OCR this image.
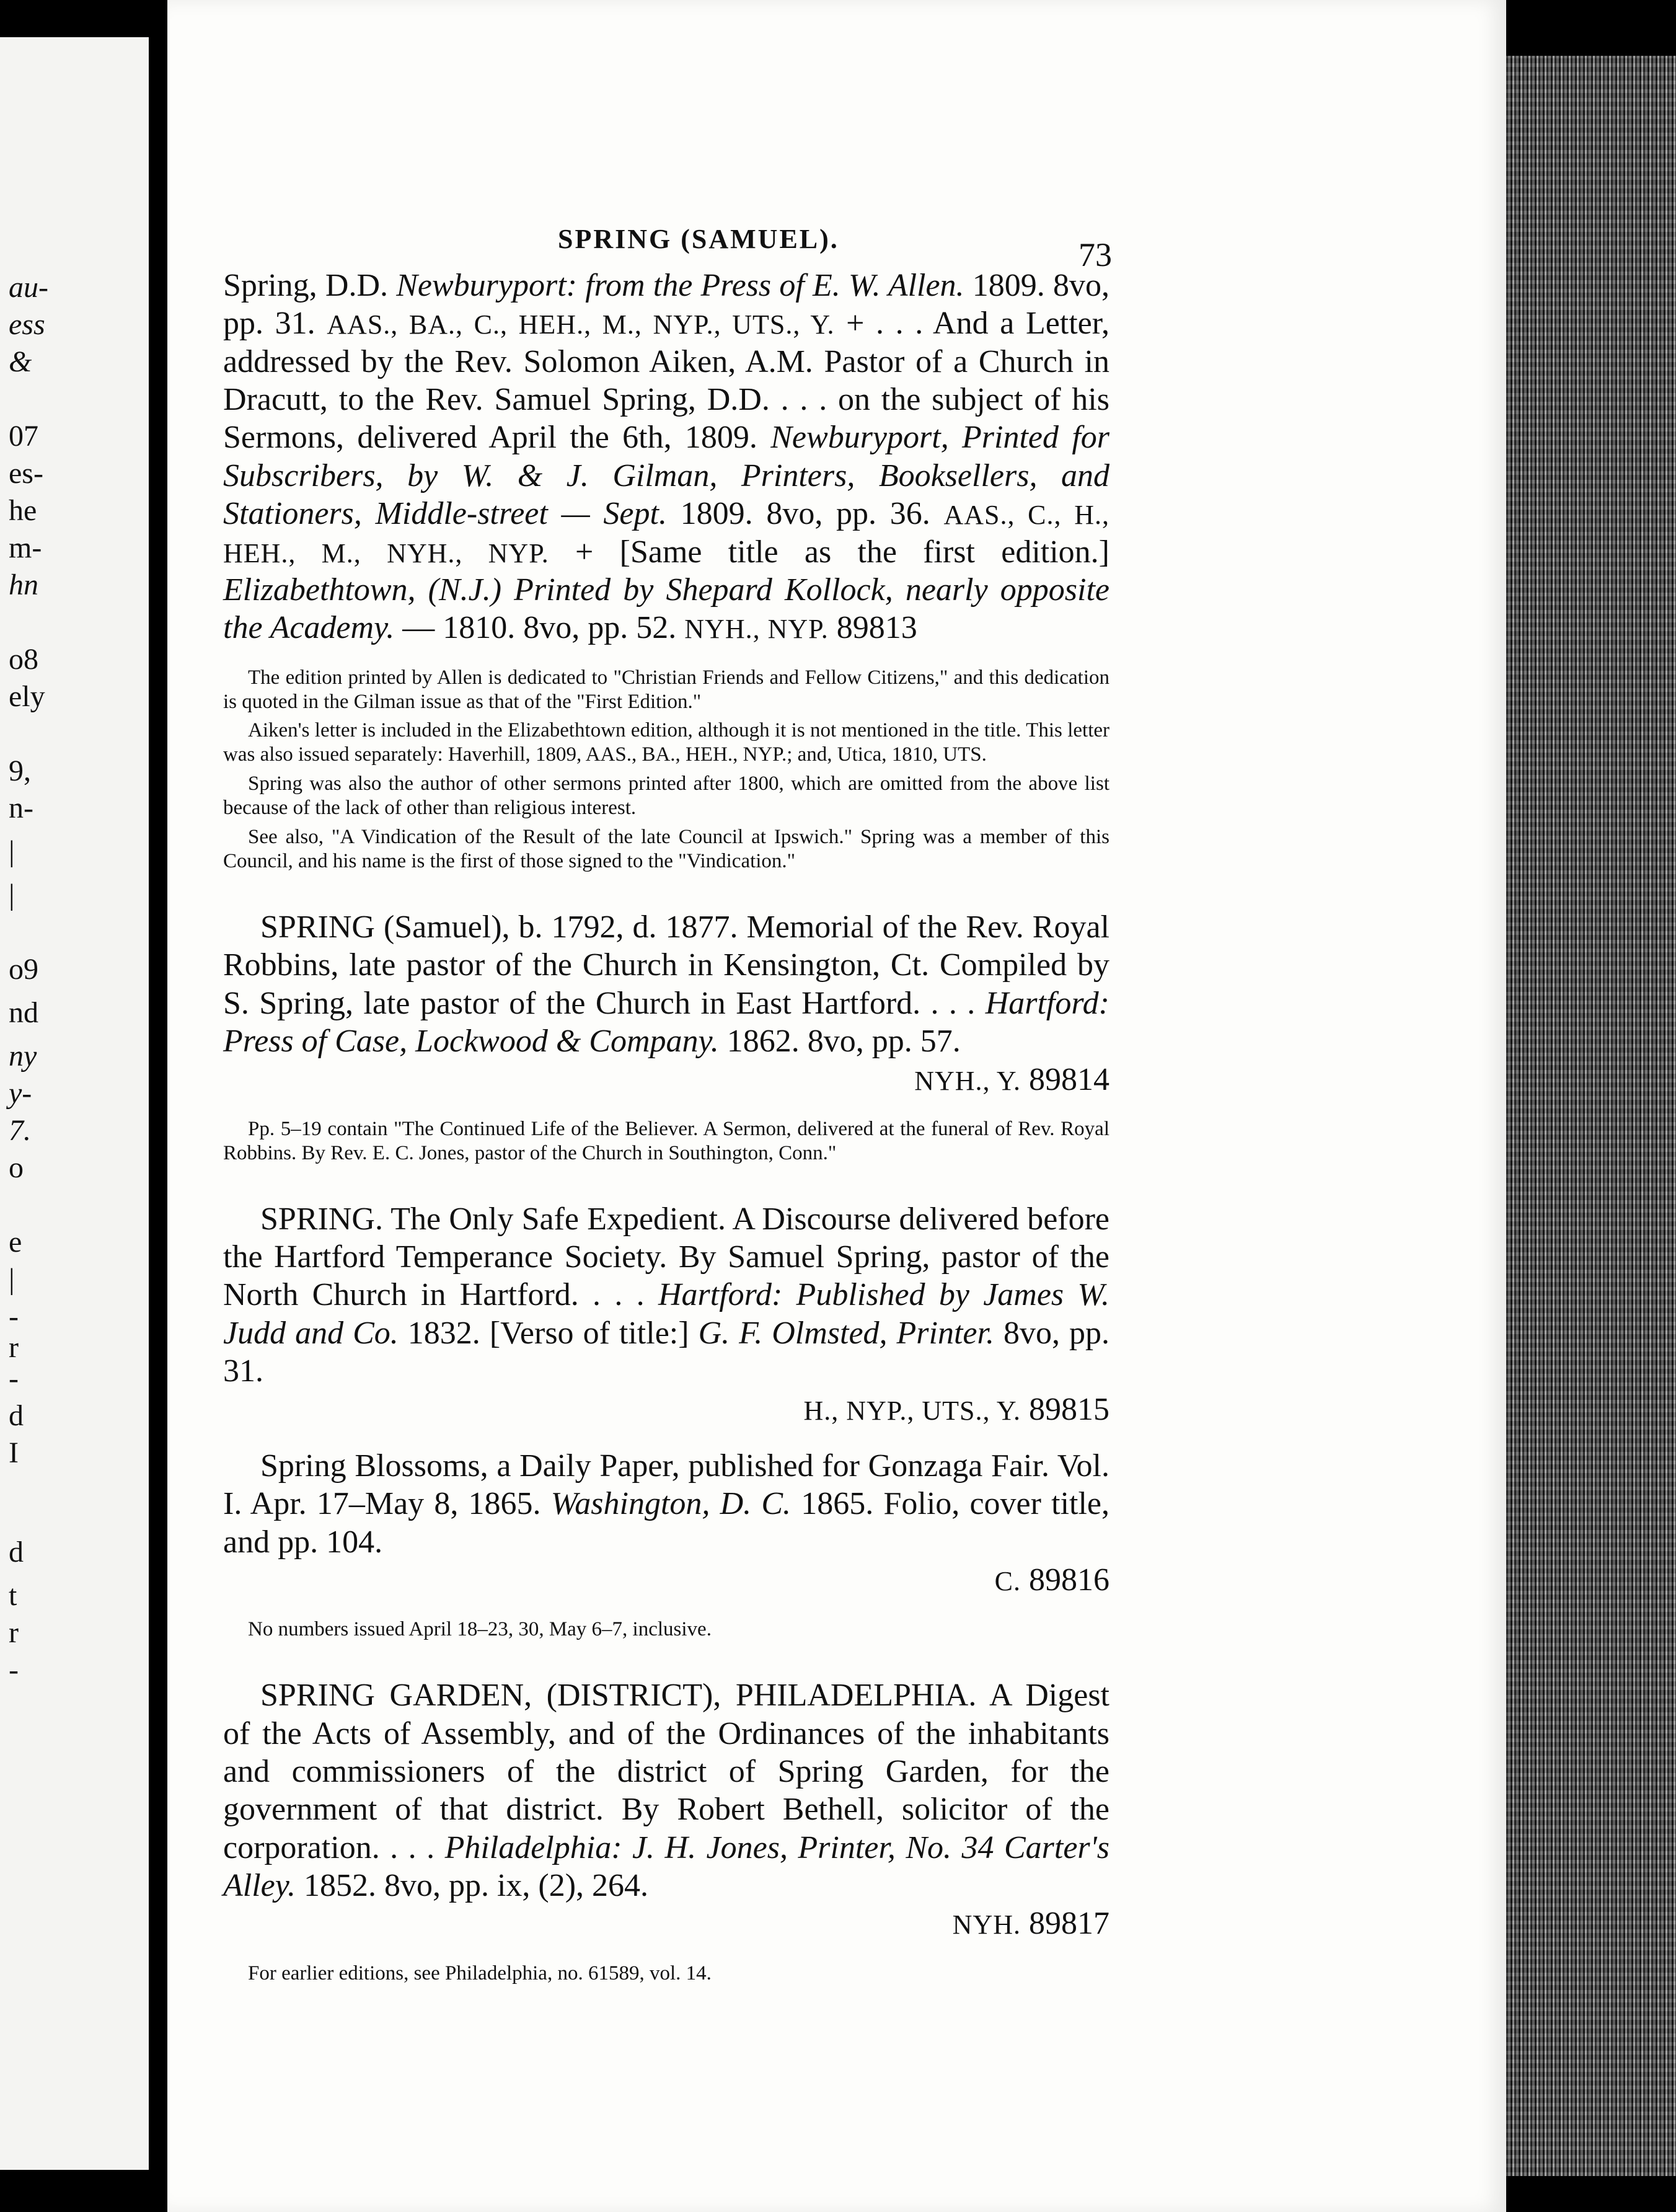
au-
ess
&
07
es-
he
m-
hn
o8
ely
9,
n-
|
|
o9
nd
ny
y-
7.
o
e
|
-
r
-
d
I
d
t
r
-
SPRING (SAMUEL).	73

Spring, D.D. Newburyport: from the Press of E. W. Allen. 1809. 8vo, pp. 31. AAS., BA., C., HEH., M., NYP., UTS., Y. + . . . And a Letter, addressed by the Rev. Solomon Aiken, A.M. Pastor of a Church in Dracutt, to the Rev. Samuel Spring, D.D. . . . on the subject of his Sermons, delivered April the 6th, 1809. Newburyport, Printed for Subscribers, by W. & J. Gilman, Printers, Booksellers, and Stationers, Middle-street — Sept. 1809. 8vo, pp. 36. AAS., C., H., HEH., M., NYH., NYP. + [Same title as the first edition.] Elizabethtown, (N.J.) Printed by Shepard Kollock, nearly opposite the Academy. — 1810. 8vo, pp. 52. NYH., NYP. 89813

The edition printed by Allen is dedicated to "Christian Friends and Fellow Citizens," and this dedication is quoted in the Gilman issue as that of the "First Edition."

Aiken's letter is included in the Elizabethtown edition, although it is not mentioned in the title. This letter was also issued separately: Haverhill, 1809, AAS., BA., HEH., NYP.; and, Utica, 1810, UTS.

Spring was also the author of other sermons printed after 1800, which are omitted from the above list because of the lack of other than religious interest.

See also, "A Vindication of the Result of the late Council at Ipswich." Spring was a member of this Council, and his name is the first of those signed to the "Vindication."

SPRING (Samuel), b. 1792, d. 1877. Memorial of the Rev. Royal Robbins, late pastor of the Church in Kensington, Ct. Compiled by S. Spring, late pastor of the Church in East Hartford. . . . Hartford: Press of Case, Lockwood & Company. 1862. 8vo, pp. 57.
NYH., Y. 89814

Pp. 5–19 contain "The Continued Life of the Believer. A Sermon, delivered at the funeral of Rev. Royal Robbins. By Rev. E. C. Jones, pastor of the Church in Southington, Conn."

SPRING. The Only Safe Expedient. A Discourse delivered before the Hartford Temperance Society. By Samuel Spring, pastor of the North Church in Hartford. . . . Hartford: Published by James W. Judd and Co. 1832. [Verso of title:] G. F. Olmsted, Printer. 8vo, pp. 31.
H., NYP., UTS., Y. 89815

Spring Blossoms, a Daily Paper, published for Gonzaga Fair. Vol. I. Apr. 17–May 8, 1865. Washington, D. C. 1865. Folio, cover title, and pp. 104.
C. 89816

No numbers issued April 18–23, 30, May 6–7, inclusive.

SPRING GARDEN, (DISTRICT), PHILADELPHIA. A Digest of the Acts of Assembly, and of the Ordinances of the inhabitants and commissioners of the district of Spring Garden, for the government of that district. By Robert Bethell, solicitor of the corporation. . . . Philadelphia: J. H. Jones, Printer, No. 34 Carter's Alley. 1852. 8vo, pp. ix, (2), 264.
NYH. 89817

For earlier editions, see Philadelphia, no. 61589, vol. 14.
